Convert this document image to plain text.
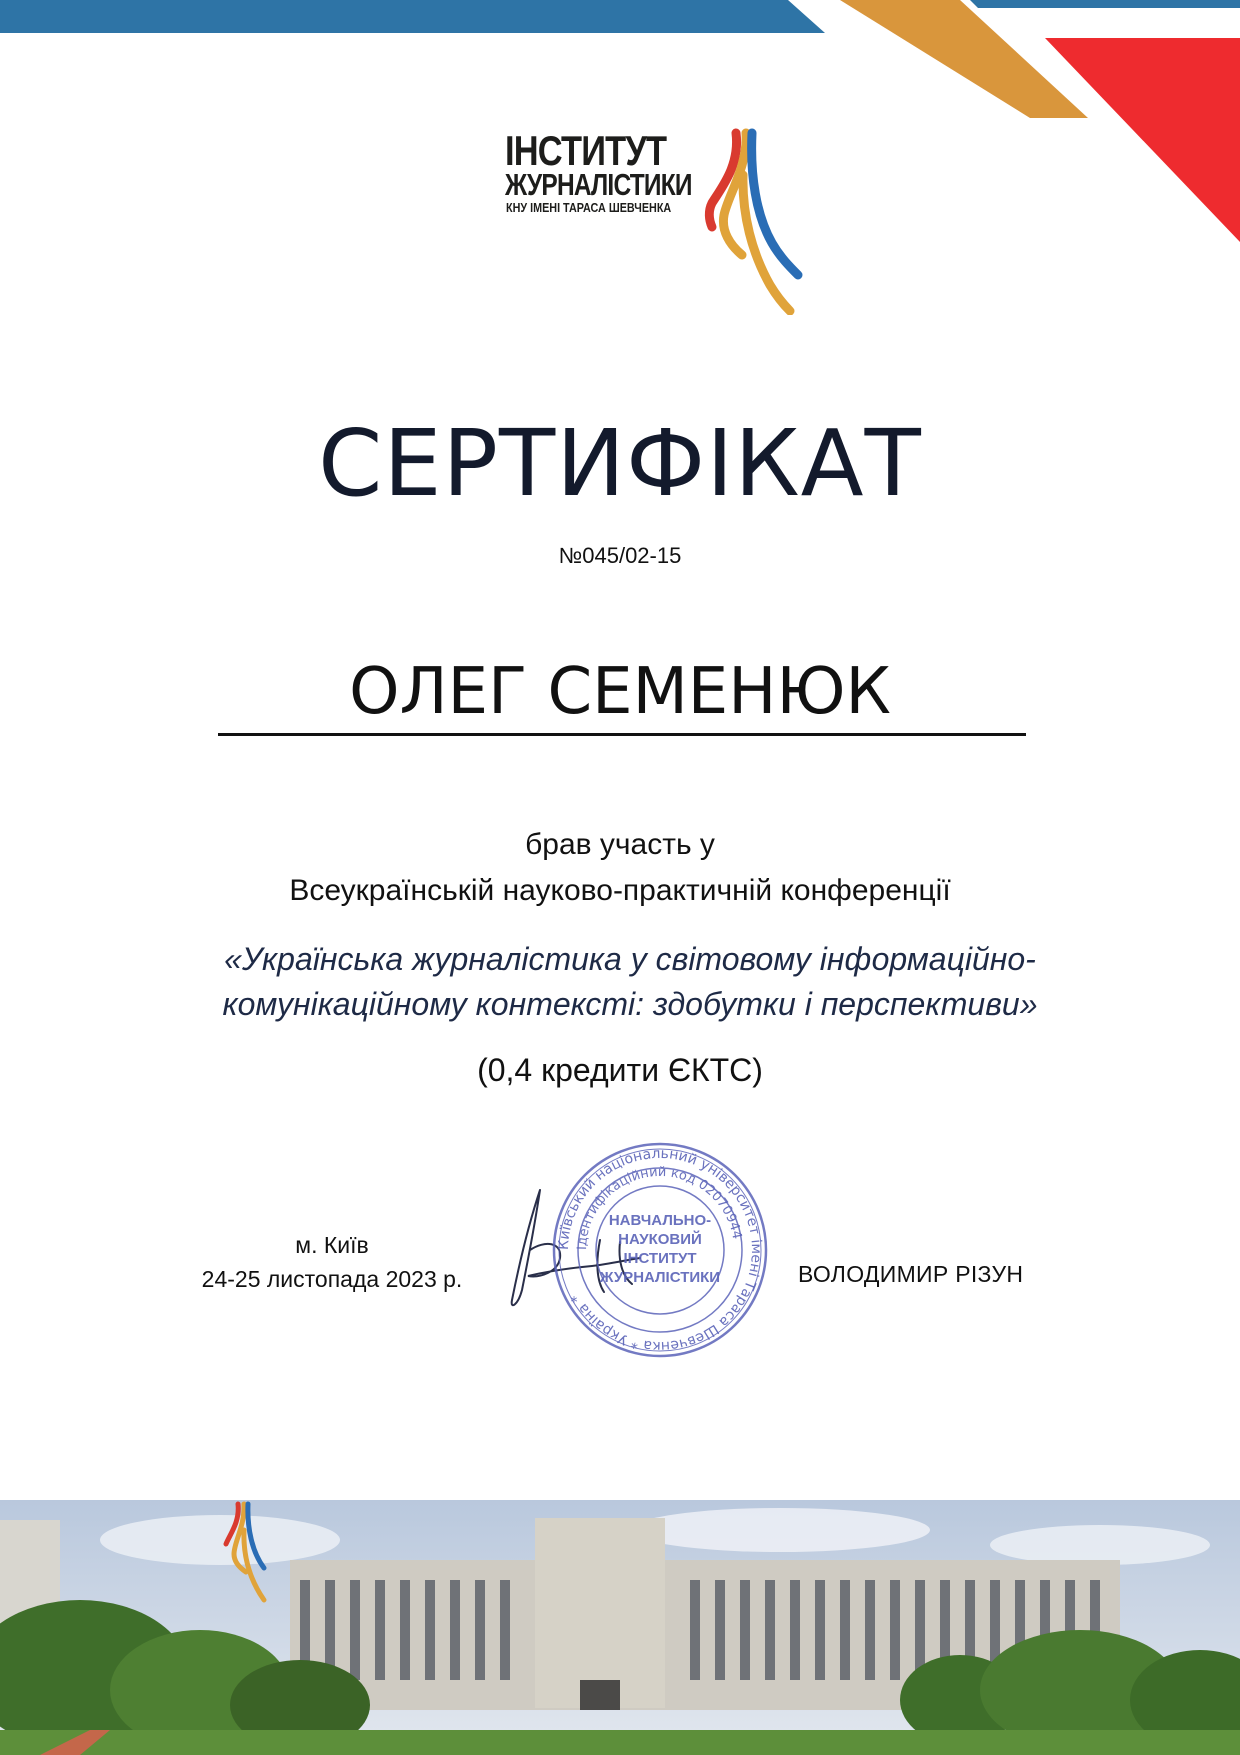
ІНСТИТУТ
ЖУРНАЛІСТИКИ
КНУ ІМЕНІ ТАРАСА ШЕВЧЕНКА
СЕРТИФІКАТ
№045/02-15
ОЛЕГ СЕМЕНЮК
брав участь у
Всеукраїнській науково-практичній конференції
«Українська журналістика у світовому інформаційно-
комунікаційному контексті: здобутки і перспективи»
(0,4 кредити ЄКТС)
м. Київ
24-25 листопада 2023 р.
Київський національний університет імені Тараса Шевченка * Україна *
Ідентифікаційний код 02070944
НАВЧАЛЬНО-
НАУКОВИЙ
ІНСТИТУТ
ЖУРНАЛІСТИКИ	ВОЛОДИМИР РІЗУН
